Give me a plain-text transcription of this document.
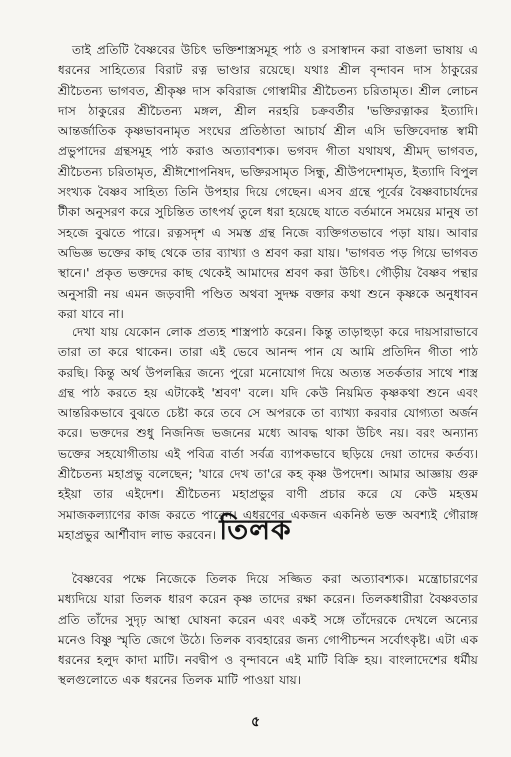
তাই প্রতিটি বৈষ্ণবের উচিৎ ভক্তিশাস্ত্রসমূহ পাঠ ও রসাস্বাদন করা বাঙলা ভাষায় এ ধরনের সাহিত্যের বিরাট রত্ন ভাণ্ডার রয়েছে। যথাঃ শ্রীল বৃন্দাবন দাস ঠাকুরের শ্রীচৈতন্য ভাগবত, শ্রীকৃষ্ণ দাস কবিরাজ গোস্বামীর শ্রীচৈতন্য চরিতামৃত। শ্রীল লোচন দাস ঠাকুরের শ্রীচৈতন্য মঙ্গল, শ্রীল নরহরি চক্রবর্তীর 'ভক্তিরত্নাকর ইত্যাদি। আন্তর্জাতিক কৃষ্ণভাবনামৃত সংঘের প্রতিষ্ঠাতা আচার্য শ্রীল এসি ভক্তিবেদান্ত স্বামী প্রভুপাদের গ্রন্থসমূহ পাঠ করাও অত্যাবশ্যক। ভগবদ গীতা যথাযথ, শ্রীমদ্ ভাগবত, শ্রীচৈতন্য চরিতামৃত, শ্রীঈশোপনিষদ, ভক্তিরসামৃত সিন্ধু, শ্রীউপদেশামৃত, ইত্যাদি বিপুল সংখ্যক বৈষ্ণব সাহিত্য তিনি উপহার দিয়ে গেছেন। এসব গ্রন্থে পূর্বের বৈষ্ণবাচার্যদের টীকা অনুসরণ করে সুচিন্তিত তাৎপর্য তুলে ধরা হয়েছে যাতে বর্তমানে সময়ের মানুষ তা সহজে বুঝতে পারে। রত্নসদৃশ এ সমস্ত গ্রন্থ নিজে ব্যক্তিগতভাবে পড়া যায়। আবার অভিজ্ঞ ভক্তের কাছ থেকে তার ব্যাখ্যা ও শ্রবণ করা যায়। 'ভাগবত পড় গিয়ে ভাগবত স্থানে।' প্রকৃত ভক্তদের কাছ থেকেই আমাদের শ্রবণ করা উচিৎ। গৌড়ীয় বৈষ্ণব পন্থার অনুসারী নয় এমন জড়বাদী পণ্ডিত অথবা সুদক্ষ বক্তার কথা শুনে কৃষ্ণকে অনুধাবন করা যাবে না।

দেখা যায় যেকোন লোক প্রত্যহ শাস্ত্রপাঠ করেন। কিন্তু তাড়াহুড়া করে দায়সারাভাবে তারা তা করে থাকেন। তারা এই ভেবে আনন্দ পান যে আমি প্রতিদিন গীতা পাঠ করছি। কিন্তু অর্থ উপলব্ধির জন্যে পুরো মনোযোগ দিয়ে অত্যন্ত সতর্কতার সাথে শাস্ত্র গ্রন্থ পাঠ করতে হয় এটাকেই 'শ্রবণ' বলে। যদি কেউ নিয়মিত কৃষ্ণকথা শুনে এবং আন্তরিকভাবে বুঝতে চেষ্টা করে তবে সে অপরকে তা ব্যাখ্যা করবার যোগ্যতা অর্জন করে। ভক্তদের শুধু নিজনিজ ভজনের মধ্যে আবদ্ধ থাকা উচিৎ নয়। বরং অন্যান্য ভক্তের সহযোগীতায় এই পবিত্র বার্তা সর্বত্র ব্যাপকভাবে ছড়িয়ে দেয়া তাদের কর্তব্য। শ্রীচৈতন্য মহাপ্রভু বলেছেন; 'যারে দেখ তা'রে কহ কৃষ্ণ উপদেশ। আমার আজ্ঞায় গুরু হইয়া তার এইদেশ। শ্রীচৈতন্য মহাপ্রভুর বাণী প্রচার করে যে কেউ মহত্তম সমাজকল্যাণের কাজ করতে পারেন। এধরণের একজন একনিষ্ঠ ভক্ত অবশ্যই গৌরাঙ্গ মহাপ্রভুর আর্শীবাদ লাভ করবেন। তিলক

বৈষ্ণবের পক্ষে নিজেকে তিলক দিয়ে সজ্জিত করা অত্যাবশ্যক। মন্ত্রোচারণের মধ্যদিয়ে যারা তিলক ধারণ করেন কৃষ্ণ তাদের রক্ষা করেন। তিলকধারীরা বৈষ্ণবতার প্রতি তাঁদের সুদৃঢ় আস্থা ঘোষনা করেন এবং একই সঙ্গে তাঁদেরকে দেখলে অন্যের মনেও বিষ্ণু স্মৃতি জেগে উঠে। তিলক ব্যবহারের জন্য গোপীচন্দন সর্বোৎকৃষ্ট। এটা এক ধরনের হলুদ কাদা মাটি। নবদ্বীপ ও বৃন্দাবনে এই মাটি বিক্রি হয়। বাংলাদেশের ধর্মীয় স্থলগুলোতে এক ধরনের তিলক মাটি পাওয়া যায়।

৫
